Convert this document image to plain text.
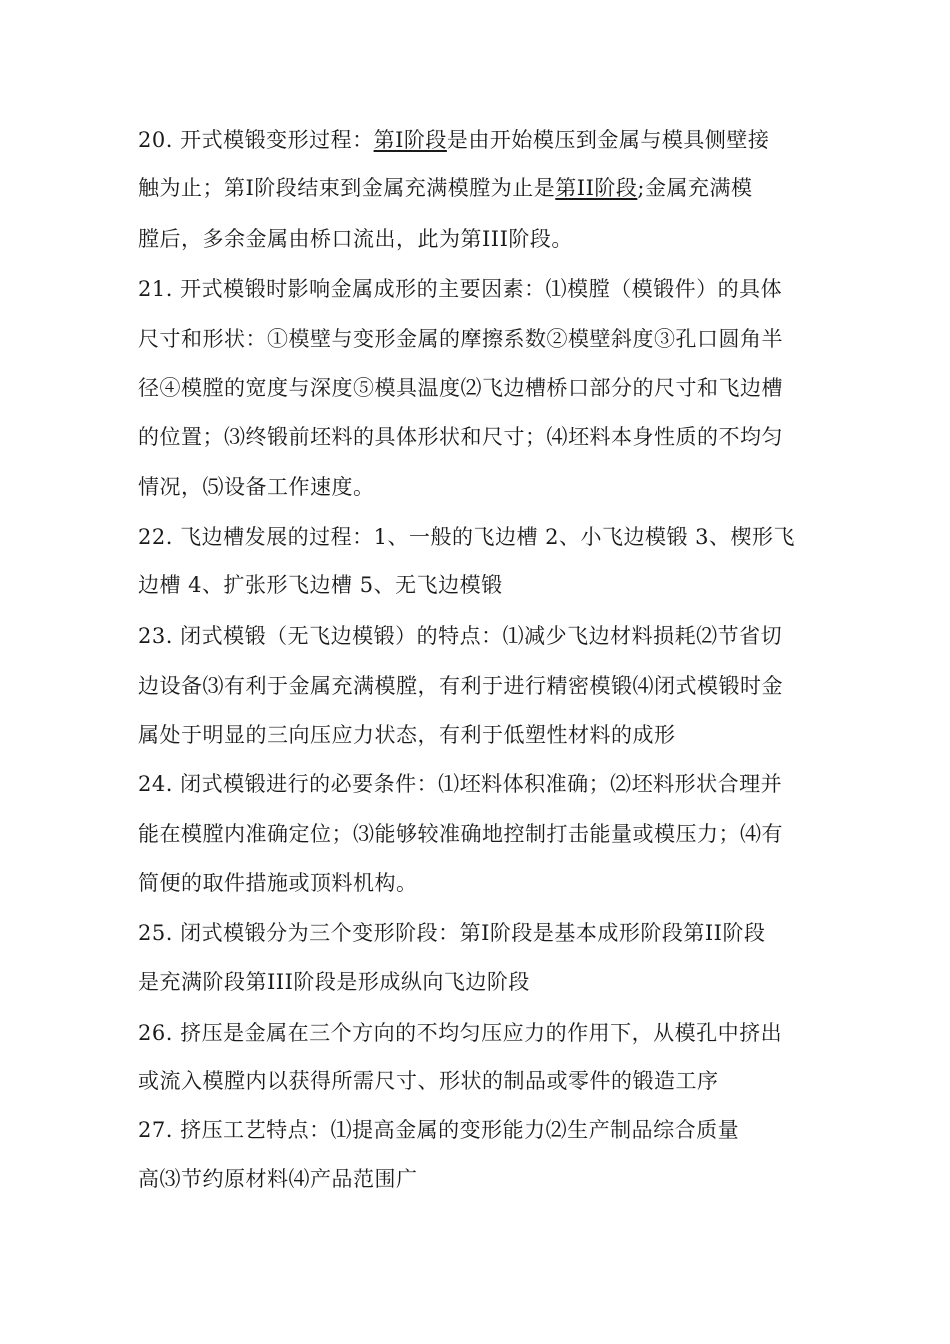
20. 开式模锻变形过程：第I阶段是由开始模压到金属与模具侧壁接
触为止；第I阶段结束到金属充满模膛为止是第II阶段;金属充满模
膛后，多余金属由桥口流出，此为第III阶段。
21. 开式模锻时影响金属成形的主要因素：⑴模膛（模锻件）的具体
尺寸和形状：①模壁与变形金属的摩擦系数②模壁斜度③孔口圆角半
径④模膛的宽度与深度⑤模具温度⑵飞边槽桥口部分的尺寸和飞边槽
的位置；⑶终锻前坯料的具体形状和尺寸；⑷坯料本身性质的不均匀
情况，⑸设备工作速度。
22. 飞边槽发展的过程：1、一般的飞边槽 2、小飞边模锻 3、楔形飞
边槽 4、扩张形飞边槽 5、无飞边模锻
23. 闭式模锻（无飞边模锻）的特点：⑴减少飞边材料损耗⑵节省切
边设备⑶有利于金属充满模膛，有利于进行精密模锻⑷闭式模锻时金
属处于明显的三向压应力状态，有利于低塑性材料的成形
24. 闭式模锻进行的必要条件：⑴坯料体积准确；⑵坯料形状合理并
能在模膛内准确定位；⑶能够较准确地控制打击能量或模压力；⑷有
简便的取件措施或顶料机构。
25. 闭式模锻分为三个变形阶段：第I阶段是基本成形阶段第II阶段
是充满阶段第III阶段是形成纵向飞边阶段
26. 挤压是金属在三个方向的不均匀压应力的作用下，从模孔中挤出
或流入模膛内以获得所需尺寸、形状的制品或零件的锻造工序
27. 挤压工艺特点：⑴提高金属的变形能力⑵生产制品综合质量
高⑶节约原材料⑷产品范围广
